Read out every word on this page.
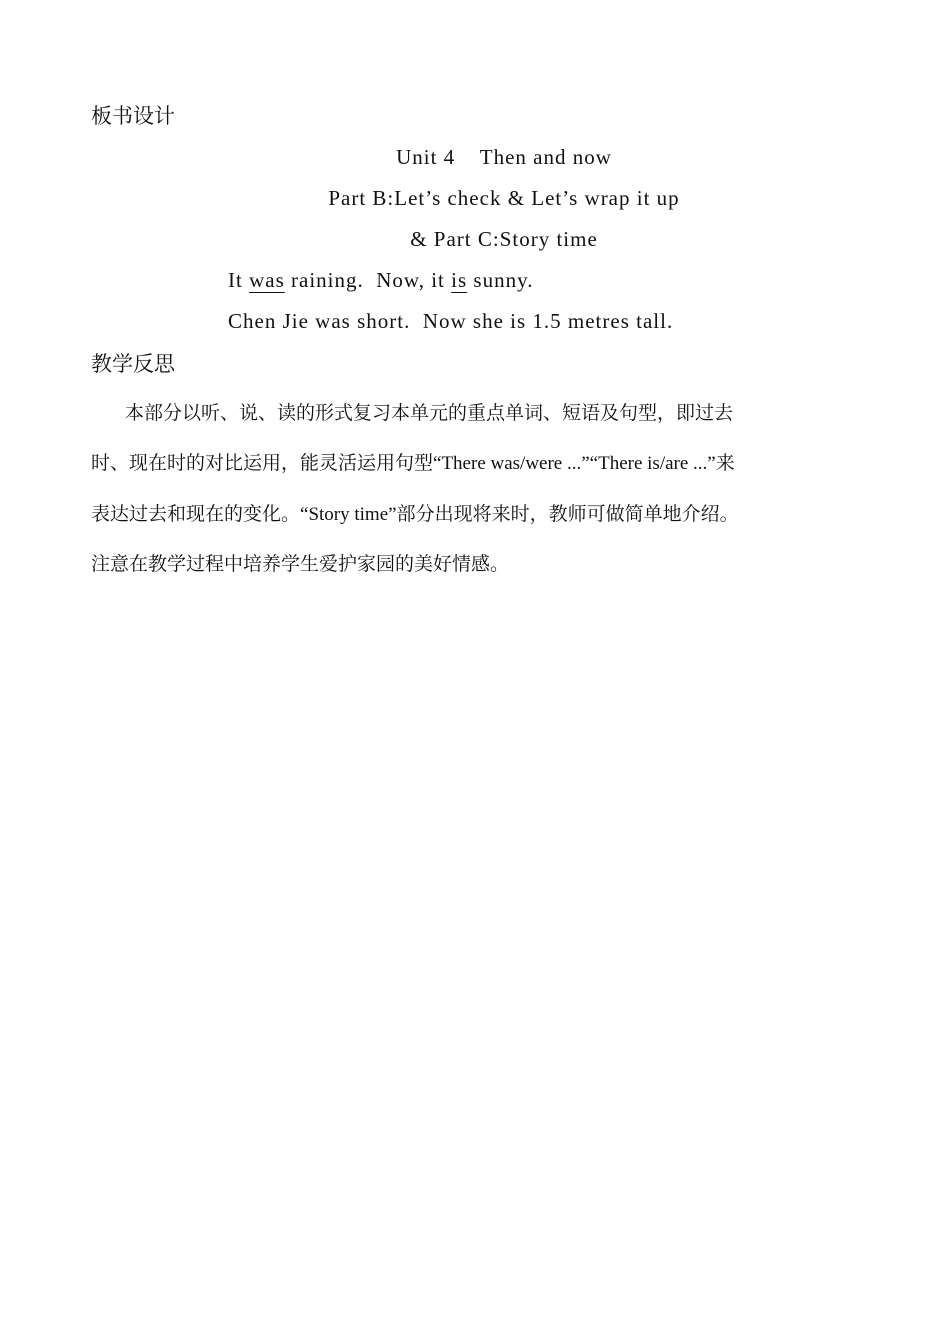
板书设计

Unit 4    Then and now

Part B:Let’s check & Let’s wrap it up

& Part C:Story time

It was raining.  Now, it is sunny.

Chen Jie was short.  Now she is 1.5 metres tall.

教学反思

本部分以听、说、读的形式复习本单元的重点单词、短语及句型，即过去

时、现在时的对比运用，能灵活运用句型“There was/were ...”“There is/are ...”来

表达过去和现在的变化。“Story time”部分出现将来时，教师可做简单地介绍。

注意在教学过程中培养学生爱护家园的美好情感。
